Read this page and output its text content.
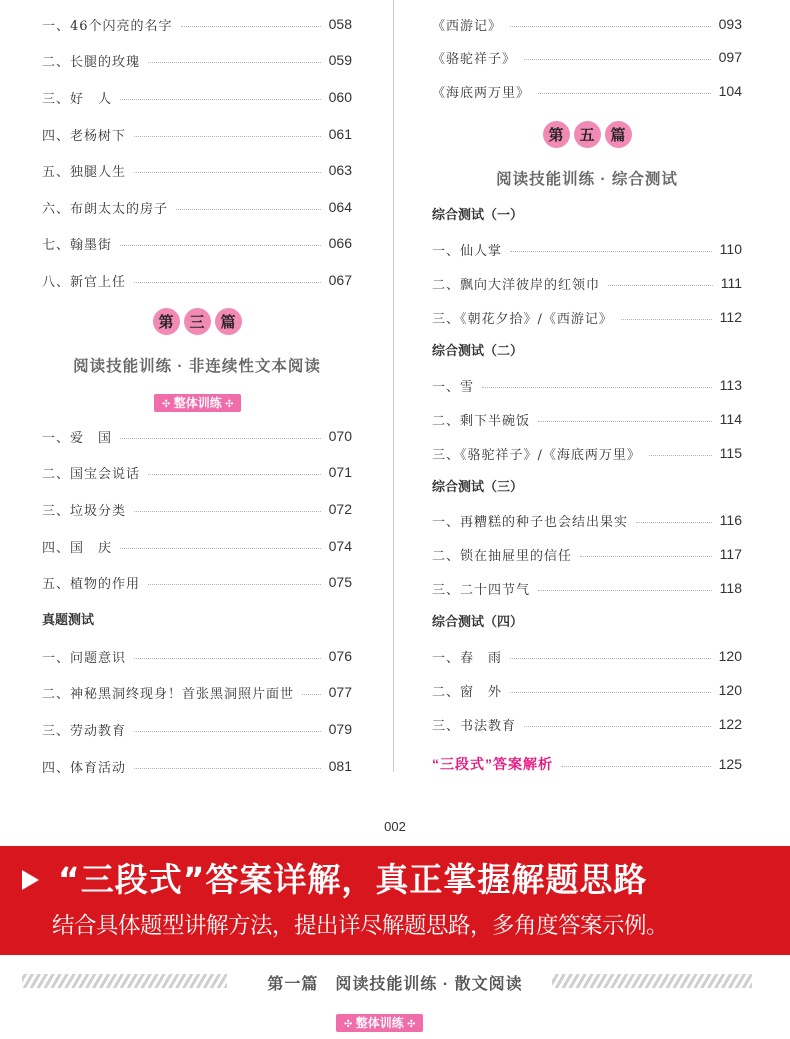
一、46个闪亮的名字	058
二、长腿的玫瑰	059
三、好　人	060
四、老杨树下	061
五、独腿人生	063
六、布朗太太的房子	064
七、翰墨街	066
八、新官上任	067
第	三	篇
阅读技能训练 · 非连续性文本阅读
✣ 整体训练 ✣
一、爱　国	070
二、国宝会说话	071
三、垃圾分类	072
四、国　庆	074
五、植物的作用	075
真题测试
一、问题意识	076
二、神秘黑洞终现身！首张黑洞照片面世 077
三、劳动教育	079
四、体育活动	081
《西游记》	093
《骆驼祥子》	097
《海底两万里》	104
第	五	篇
阅读技能训练 · 综合测试
综合测试（一）
一、仙人掌	110
二、飘向大洋彼岸的红领巾	111
三、《朝花夕拾》/《西游记》	112
综合测试（二）
一、雪	113
二、剩下半碗饭	114
三、《骆驼祥子》/《海底两万里》	115
综合测试（三）
一、再糟糕的种子也会结出果实	116
二、锁在抽屉里的信任	117
三、二十四节气	118
综合测试（四）
一、春　雨	120
二、窗　外	120
三、书法教育	122
“三段式”答案解析	125
002
“三段式”答案详解，真正掌握解题思路
结合具体题型讲解方法，提出详尽解题思路，多角度答案示例。
第一篇　阅读技能训练 · 散文阅读
✣ 整体训练 ✣
